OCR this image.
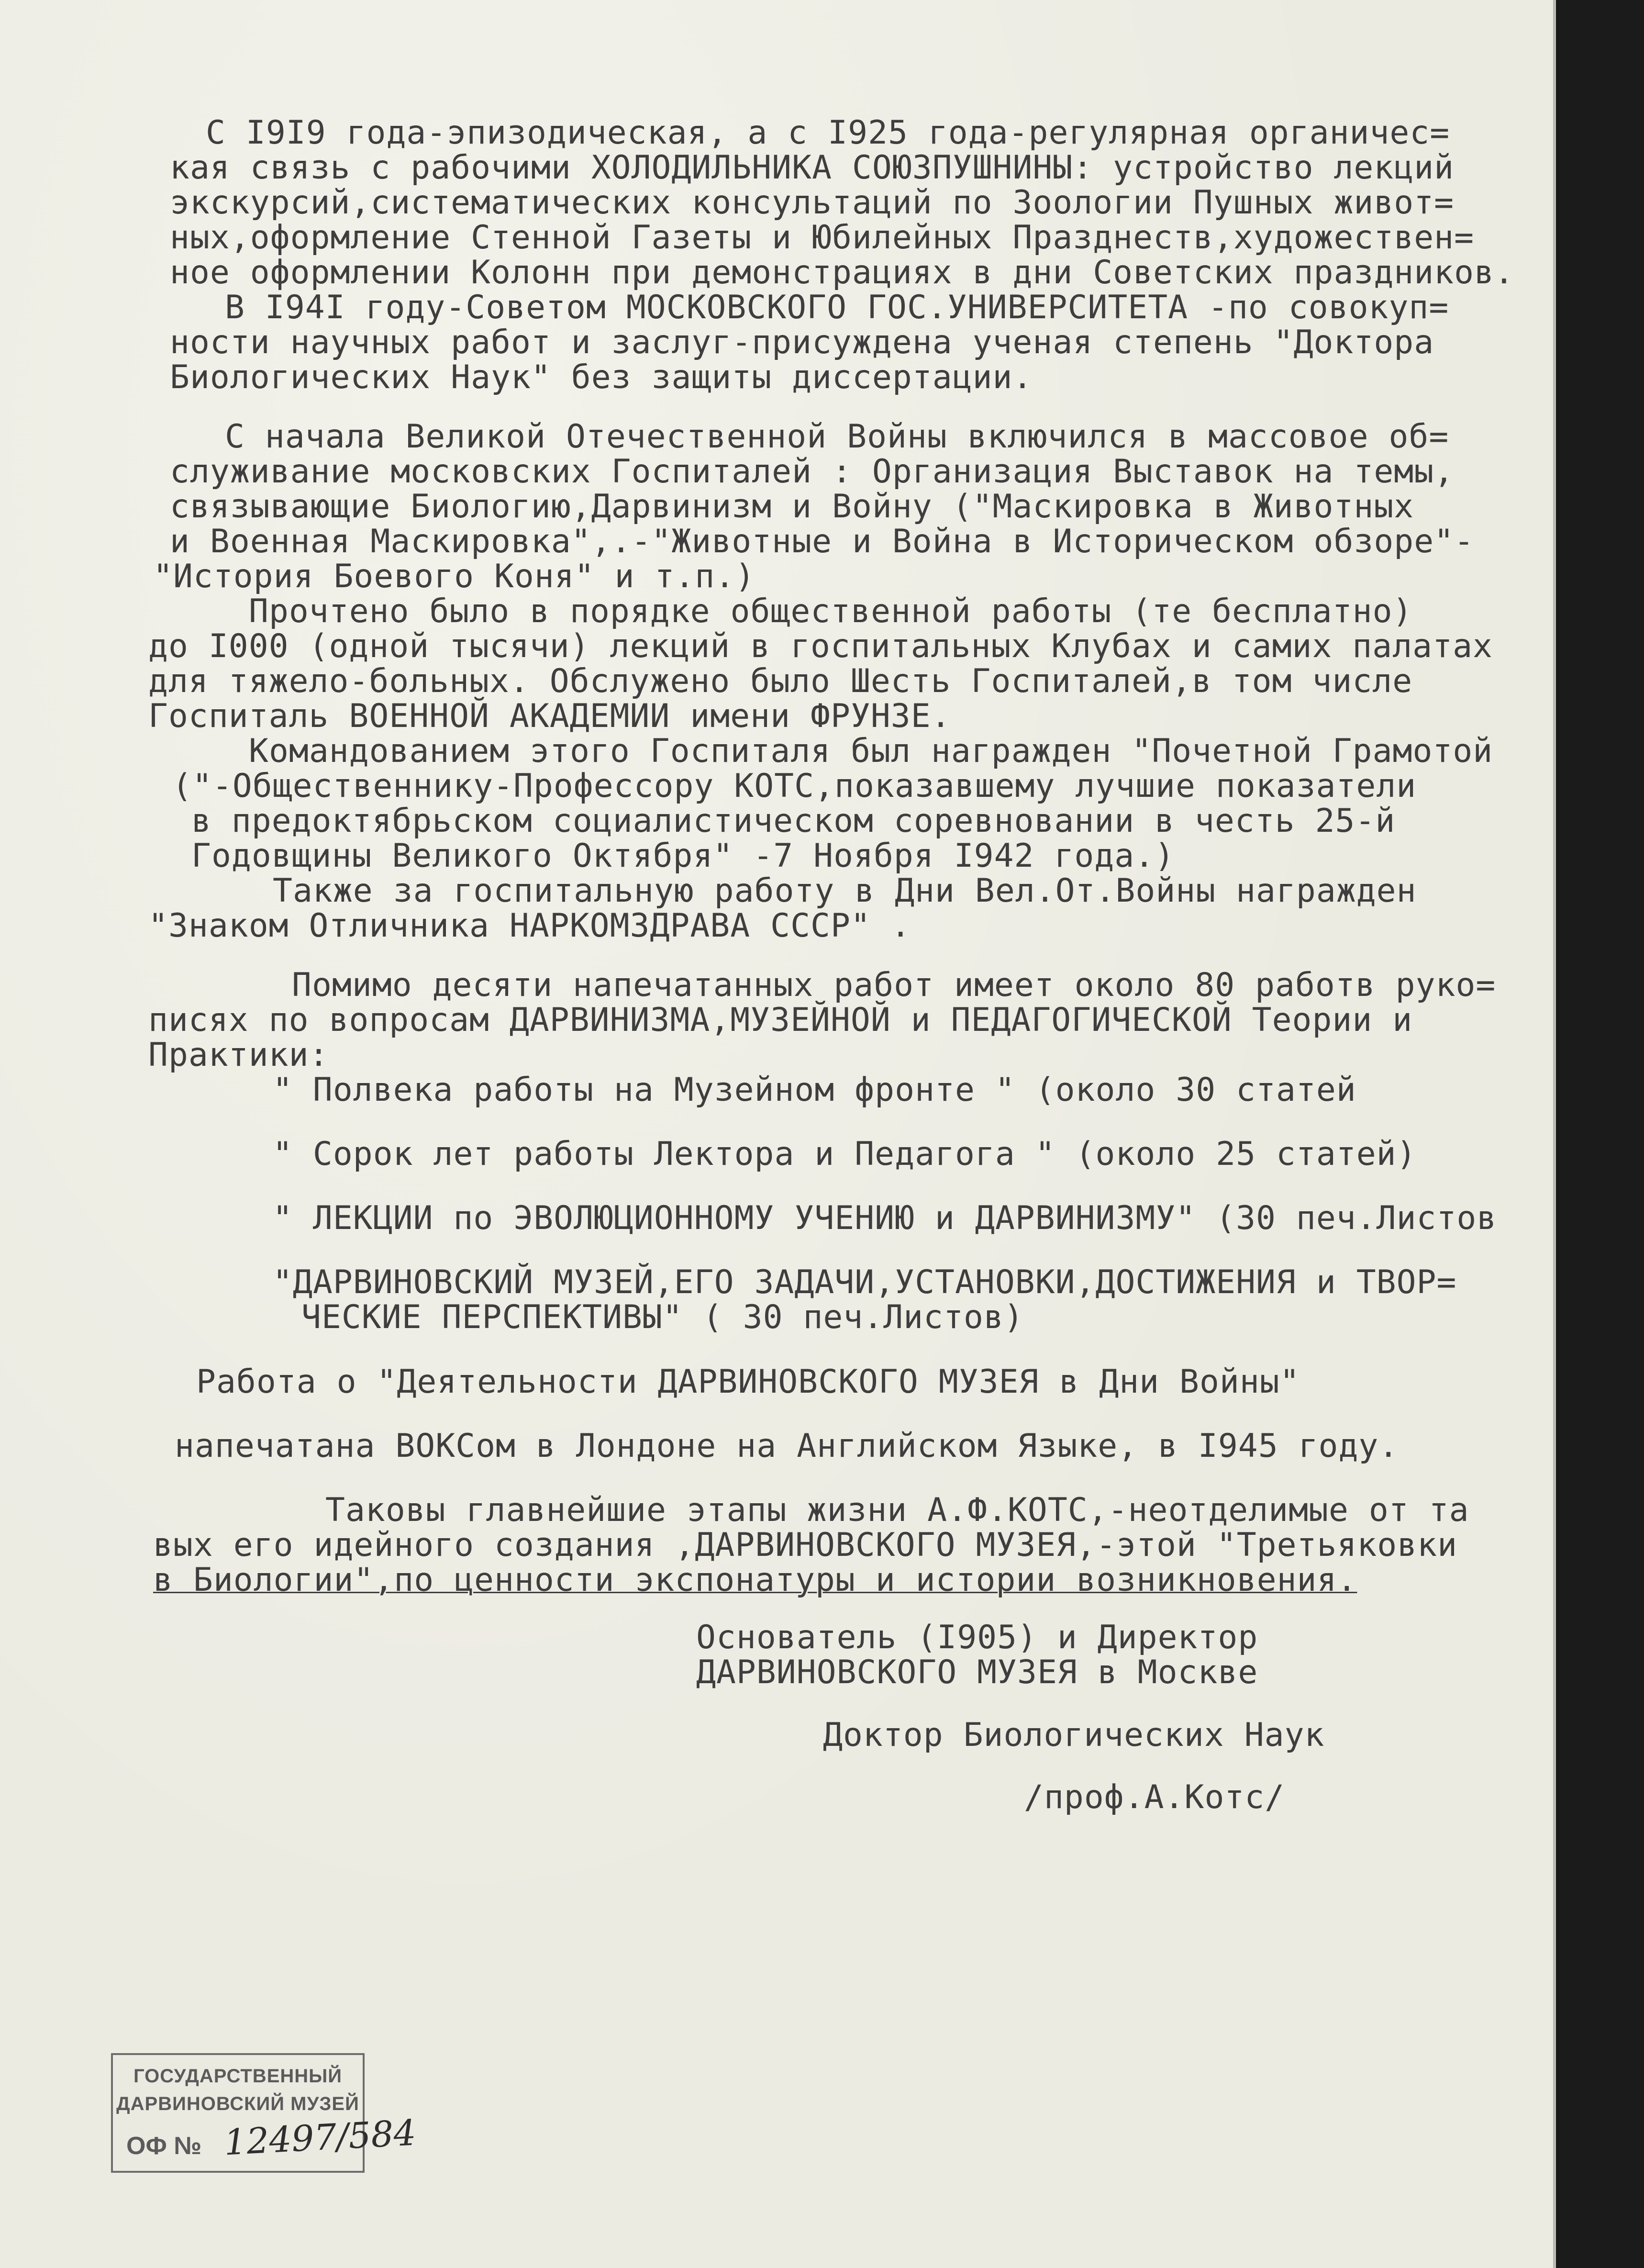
С I9I9 года-эпизодическая, а с I925 года-регулярная органичес=

кая связь с рабочими ХОЛОДИЛЬНИКА СОЮЗПУШНИНЫ: устройство лекций

экскурсий,систематических консультаций по Зоологии Пушных живот=

ных,оформление Стенной Газеты и Юбилейных Празднеств,художествен=

ное оформлении Колонн при демонстрациях в дни Советских праздников.

В I94I году-Советом МОСКОВСКОГО ГОС.УНИВЕРСИТЕТА -по совокуп=

ности научных работ и заслуг-присуждена ученая степень "Доктора

Биологических Наук" без защиты диссертации.

С начала Великой Отечественной Войны включился в массовое об=

служивание московских Госпиталей : Организация Выставок на темы,

связывающие Биологию,Дарвинизм и Войну ("Маскировка в Животных

и Военная Маскировка",.-"Животные и Война в Историческом обзоре"-

"История Боевого Коня" и т.п.)

Прочтено было в порядке общественной работы (те бесплатно)

до I000 (одной тысячи) лекций в госпитальных Клубах и самих палатах

для тяжело-больных. Обслужено было Шесть Госпиталей,в том числе

Госпиталь ВОЕННОЙ АКАДЕМИИ имени ФРУНЗЕ.

Командованием этого Госпиталя был награжден "Почетной Грамотой

("-Общественнику-Профессору КОТС,показавшему лучшие показатели

в предоктябрьском социалистическом соревновании в честь 25-й

Годовщины Великого Октября" -7 Ноября I942 года.)

Также за госпитальную работу в Дни Вел.От.Войны награжден

"Знаком Отличника НАРКОМЗДРАВА СССР" .

Помимо десяти напечатанных работ имеет около 80 работв руко=

писях по вопросам ДАРВИНИЗМА,МУЗЕЙНОЙ и ПЕДАГОГИЧЕСКОЙ Теории и

Практики:

" Полвека работы на Музейном фронте " (около 30 статей

" Сорок лет работы Лектора и Педагога " (около 25 статей)

" ЛЕКЦИИ по ЭВОЛЮЦИОННОМУ УЧЕНИЮ и ДАРВИНИЗМУ" (30 печ.Листов

"ДАРВИНОВСКИЙ МУЗЕЙ,ЕГО ЗАДАЧИ,УСТАНОВКИ,ДОСТИЖЕНИЯ и ТВОР=

ЧЕСКИЕ ПЕРСПЕКТИВЫ" ( 30 печ.Листов)

Работа о "Деятельности ДАРВИНОВСКОГО МУЗЕЯ в Дни Войны"

напечатана ВОКСом в Лондоне на Английском Языке, в I945 году.

Таковы главнейшие этапы жизни А.Ф.КОТС,-неотделимые от та

вых его идейного создания ,ДАРВИНОВСКОГО МУЗЕЯ,-этой "Третьяковки

в Биологии",по ценности экспонатуры и истории возникновения.

Основатель (I905) и Директор

ДАРВИНОВСКОГО МУЗЕЯ в Москве

Доктор Биологических Наук

/проф.А.Котс/

ГОСУДАРСТВЕННЫЙ
ДАРВИНОВСКИЙ МУЗЕЙ
ОФ № 12497/584
